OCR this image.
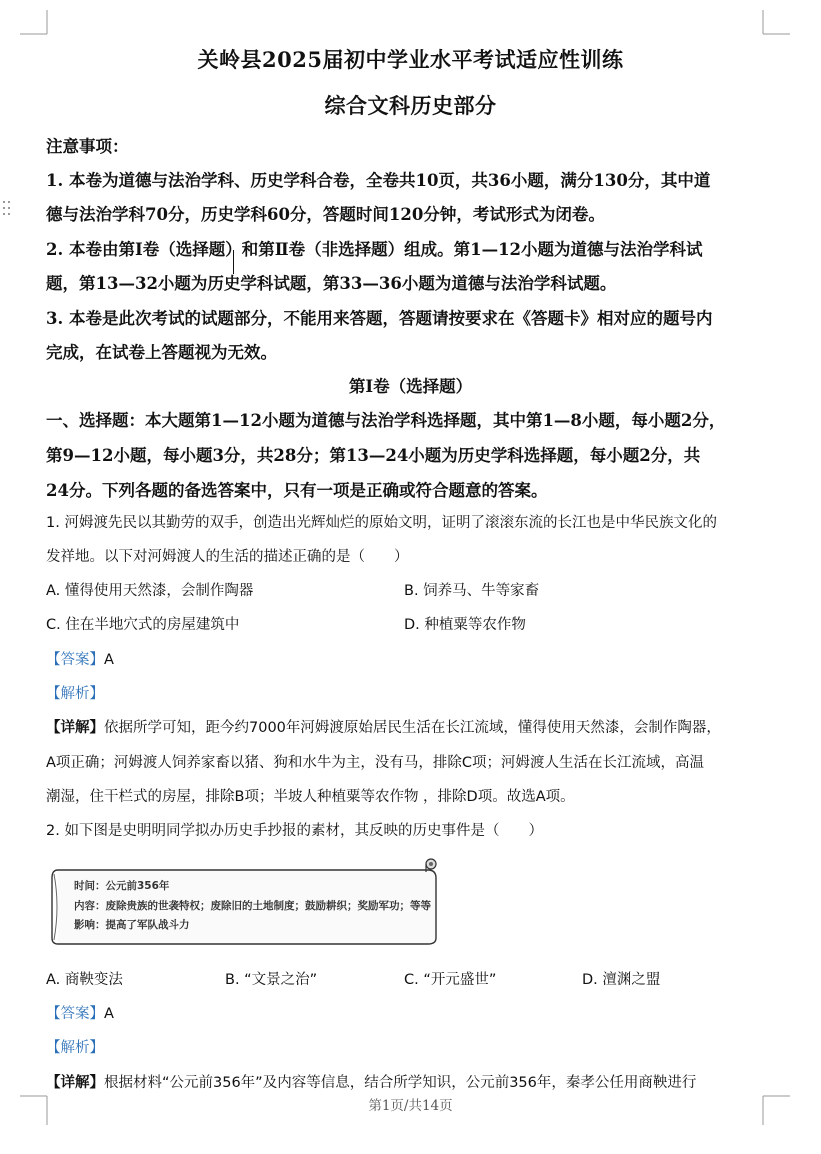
关岭县2025届初中学业水平考试适应性训练
综合文科历史部分
注意事项：
1. 本卷为道德与法治学科、历史学科合卷，全卷共10页，共36小题，满分130分，其中道
德与法治学科70分，历史学科60分，答题时间120分钟，考试形式为闭卷。
2. 本卷由第Ⅰ卷（选择题）和第Ⅱ卷（非选择题）组成。第1—12小题为道德与法治学科试
题，第13—32小题为历史学科试题，第33—36小题为道德与法治学科试题。
3. 本卷是此次考试的试题部分，不能用来答题，答题请按要求在《答题卡》相对应的题号内
完成，在试卷上答题视为无效。
第Ⅰ卷（选择题）
一、选择题：本大题第1—12小题为道德与法治学科选择题，其中第1—8小题，每小题2分，
第9—12小题，每小题3分，共28分；第13—24小题为历史学科选择题，每小题2分，共
24分。下列各题的备选答案中，只有一项是正确或符合题意的答案。
1. 河姆渡先民以其勤劳的双手，创造出光辉灿烂的原始文明，证明了滚滚东流的长江也是中华民族文化的
发祥地。以下对河姆渡人的生活的描述正确的是（　　）
A. 懂得使用天然漆，会制作陶器	B. 饲养马、牛等家畜
C. 住在半地穴式的房屋建筑中	D. 种植粟等农作物
【答案】A
【解析】
【详解】依据所学可知，距今约7000年河姆渡原始居民生活在长江流域，懂得使用天然漆，会制作陶器，
A项正确；河姆渡人饲养家畜以猪、狗和水牛为主，没有马，排除C项；河姆渡人生活在长江流域，高温
潮湿，住干栏式的房屋，排除B项；半坡人种植粟等农作物 ，排除D项。故选A项。
2. 如下图是史明明同学拟办历史手抄报的素材，其反映的历史事件是（　　）
时间：公元前356年
内容：废除贵族的世袭特权；废除旧的土地制度；鼓励耕织；奖励军功；等等
影响：提高了军队战斗力
A. 商鞅变法	B. “文景之治”	C. “开元盛世”	D. 澶渊之盟
【答案】A
【解析】
【详解】根据材料“公元前356年”及内容等信息，结合所学知识，公元前356年，秦孝公任用商鞅进行
第1页/共14页
